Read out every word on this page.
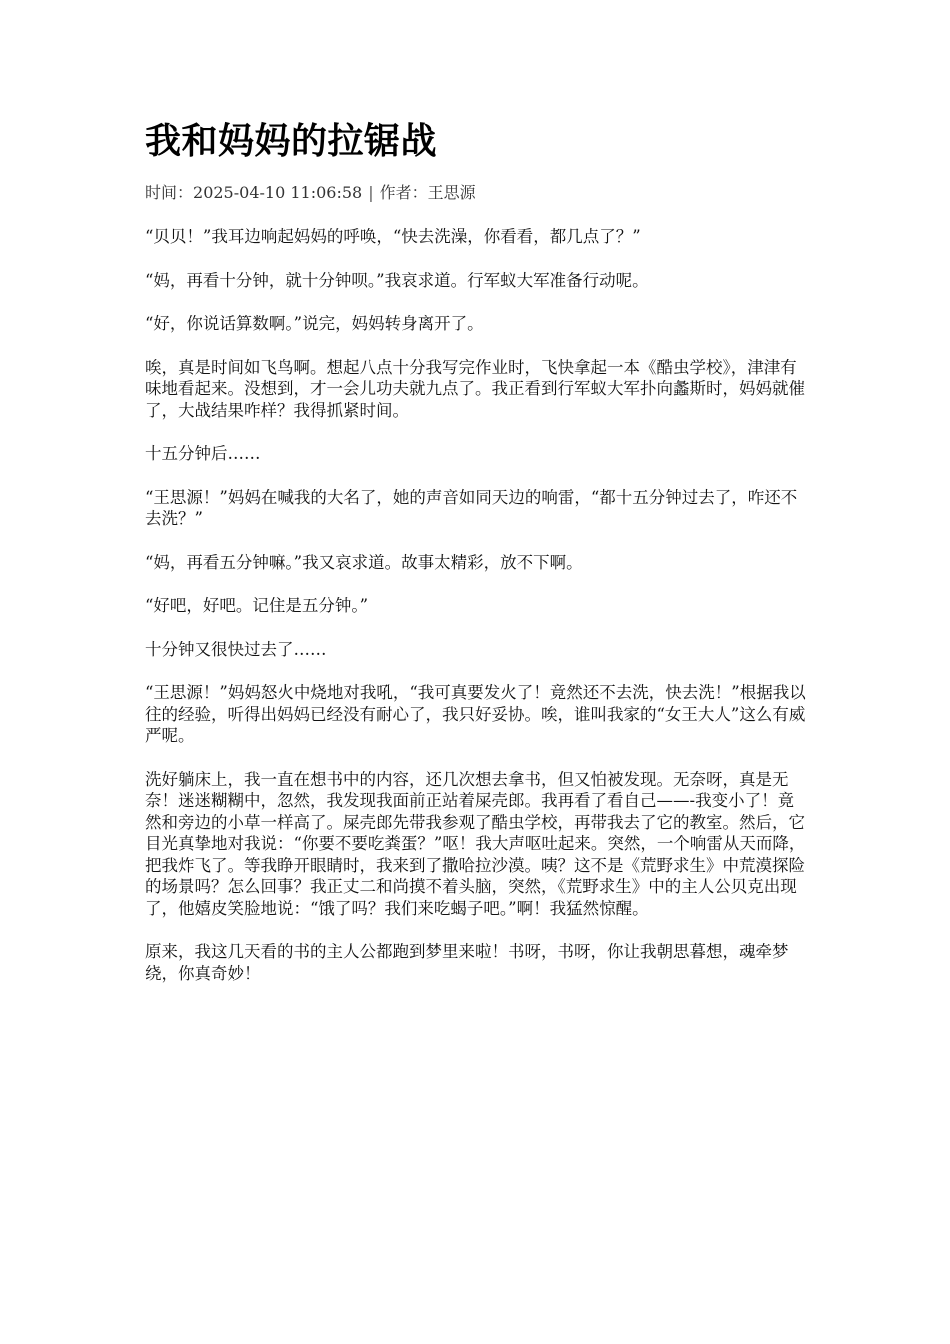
我和妈妈的拉锯战
时间：2025-04-10 11:06:58 | 作者：王思源

“贝贝！”我耳边响起妈妈的呼唤，“快去洗澡，你看看，都几点了？”

“妈，再看十分钟，就十分钟呗。”我哀求道。行军蚁大军准备行动呢。

“好，你说话算数啊。”说完，妈妈转身离开了。

唉，真是时间如飞鸟啊。想起八点十分我写完作业时，飞快拿起一本《酷虫学校》，津津有味地看起来。没想到，才一会儿功夫就九点了。我正看到行军蚁大军扑向蠡斯时，妈妈就催了，大战结果咋样？我得抓紧时间。

十五分钟后……

“王思源！”妈妈在喊我的大名了，她的声音如同天边的响雷，“都十五分钟过去了，咋还不去洗？”

“妈，再看五分钟嘛。”我又哀求道。故事太精彩，放不下啊。

“好吧，好吧。记住是五分钟。”

十分钟又很快过去了……

“王思源！”妈妈怒火中烧地对我吼，“我可真要发火了！竟然还不去洗，快去洗！”根据我以往的经验，听得出妈妈已经没有耐心了，我只好妥协。唉，谁叫我家的“女王大人”这么有威严呢。

洗好躺床上，我一直在想书中的内容，还几次想去拿书，但又怕被发现。无奈呀，真是无奈！迷迷糊糊中，忽然，我发现我面前正站着屎壳郎。我再看了看自己——-我变小了！竟然和旁边的小草一样高了。屎壳郎先带我参观了酷虫学校，再带我去了它的教室。然后，它目光真挚地对我说：“你要不要吃粪蛋？”呕！我大声呕吐起来。突然，一个响雷从天而降，把我炸飞了。等我睁开眼睛时，我来到了撒哈拉沙漠。咦？这不是《荒野求生》中荒漠探险的场景吗？怎么回事？我正丈二和尚摸不着头脑，突然，《荒野求生》中的主人公贝克出现了，他嬉皮笑脸地说：“饿了吗？我们来吃蝎子吧。”啊！我猛然惊醒。

原来，我这几天看的书的主人公都跑到梦里来啦！书呀，书呀，你让我朝思暮想，魂牵梦绕，你真奇妙！
